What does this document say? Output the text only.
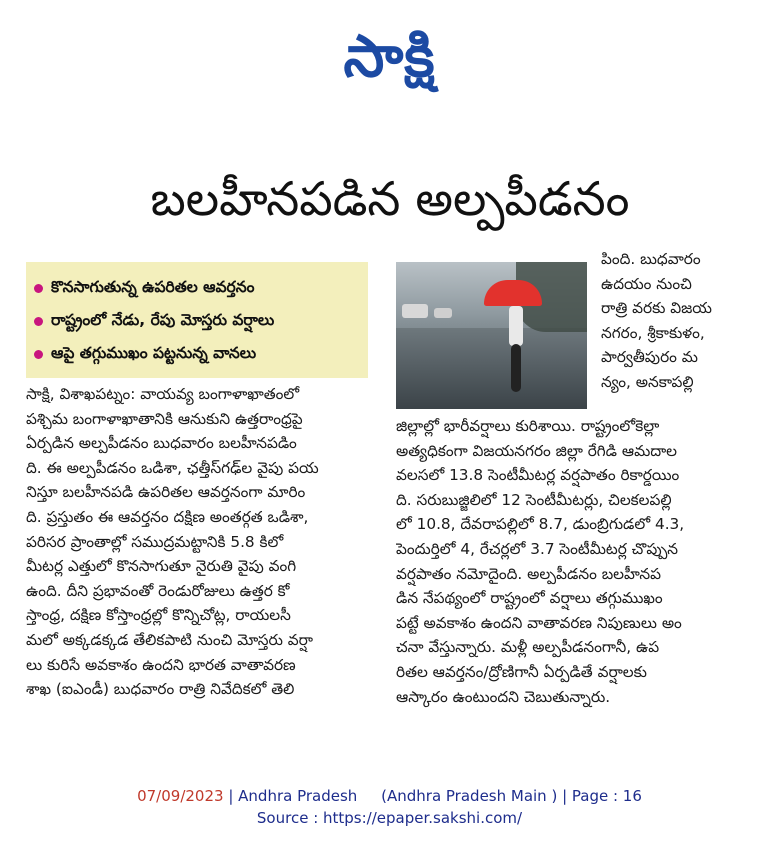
సాక్షి
బలహీనపడిన అల్పపీడనం
కొనసాగుతున్న ఉపరితల ఆవర్తనం
రాష్ట్రంలో నేడు, రేపు మోస్తరు వర్షాలు
ఆపై తగ్గుముఖం పట్టనున్న వానలు
సాక్షి, విశాఖపట్నం: వాయవ్య బంగాళాఖాతంలో
పశ్చిమ బంగాళాఖాతానికి ఆనుకుని ఉత్తరాంధ్రపై
ఏర్పడిన అల్పపీడనం బుధవారం బలహీనపడిం
ది. ఈ అల్పపీడనం ఒడిశా, ఛత్తీస్‌గఢ్‌ల వైపు పయ
నిస్తూ బలహీనపడి ఉపరితల ఆవర్తనంగా మారిం
ది. ప్రస్తుతం ఈ ఆవర్తనం దక్షిణ అంతర్గత ఒడిశా,
పరిసర ప్రాంతాల్లో సముద్రమట్టానికి 5.8 కిలో
మీటర్ల ఎత్తులో కొనసాగుతూ నైరుతి వైపు వంగి
ఉంది. దీని ప్రభావంతో రెండురోజులు ఉత్తర కో
స్తాంధ్ర, దక్షిణ కోస్తాంధ్రల్లో కొన్నిచోట్ల, రాయలసీ
మలో అక్కడక్కడ తేలికపాటి నుంచి మోస్తరు వర్షా
లు కురిసే అవకాశం ఉందని భారత వాతావరణ
శాఖ (ఐఎండీ) బుధవారం రాత్రి నివేదికలో తెలి
పింది. బుధవారం
ఉదయం నుంచి
రాత్రి వరకు విజయ
నగరం, శ్రీకాకుళం,
పార్వతీపురం మ
న్యం, అనకాపల్లి
జిల్లాల్లో భారీవర్షాలు కురిశాయి. రాష్ట్రంలోకెల్లా
అత్యధికంగా విజయనగరం జిల్లా రేగిడి ఆమదాల
వలసలో 13.8 సెంటీమీటర్ల వర్షపాతం రికార్డయిం
ది. సరుబుజ్జిలిలో 12 సెంటీమీటర్లు, చిలకలపల్లి
లో 10.8, దేవరాపల్లిలో 8.7, డుంబ్రిగుడలో 4.3,
పెందుర్తిలో 4, రేచర్లలో 3.7 సెంటీమీటర్ల చొప్పున
వర్షపాతం నమోదైంది. అల్పపీడనం బలహీనప
డిన నేపథ్యంలో రాష్ట్రంలో వర్షాలు తగ్గుముఖం
పట్టే అవకాశం ఉందని వాతావరణ నిపుణులు అం
చనా వేస్తున్నారు. మళ్లీ అల్పపీడనంగానీ, ఉప
రితల ఆవర్తనం/ద్రోణిగానీ ఏర్పడితే వర్షాలకు
ఆస్కారం ఉంటుందని చెబుతున్నారు.
07/09/2023 | Andhra Pradesh     (Andhra Pradesh Main ) | Page : 16
Source : https://epaper.sakshi.com/
